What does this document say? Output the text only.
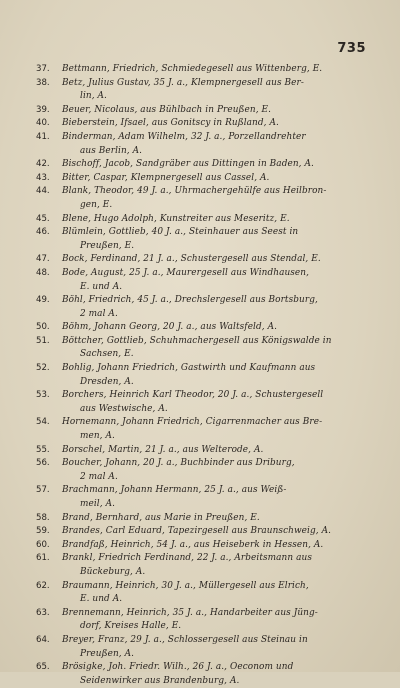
735
37.	Bettmann, Friedrich, Schmiedegesell aus Wittenberg, E.
38.	Betz, Julius Gustav, 35 J. a., Klempnergesell aus Ber-
lin, A.
39.	Beuer, Nicolaus, aus Bühlbach in Preußen, E.
40.	Bieberstein, Ifsael, aus Gonitscy in Rußland, A.
41.	Binderman, Adam Wilhelm, 32 J. a., Porzellandrehter
aus Berlin, A.
42.	Bischoff, Jacob, Sandgräber aus Dittingen in Baden, A.
43.	Bitter, Caspar, Klempnergesell aus Cassel, A.
44.	Blank, Theodor, 49 J. a., Uhrmachergehülfe aus Heilbron-
gen, E.
45.	Blene, Hugo Adolph, Kunstreiter aus Meseritz, E.
46.	Blümlein, Gottlieb, 40 J. a., Steinhauer aus Seest in
Preußen, E.
47.	Bock, Ferdinand, 21 J. a., Schustergesell aus Stendal, E.
48.	Bode, August, 25 J. a., Maurergesell aus Windhausen,
E. und A.
49.	Böhl, Friedrich, 45 J. a., Drechslergesell aus Bortsburg,
2 mal A.
50.	Böhm, Johann Georg, 20 J. a., aus Waltsfeld, A.
51.	Böttcher, Gottlieb, Schuhmachergesell aus Königswalde in
Sachsen, E.
52.	Bohlig, Johann Friedrich, Gastwirth und Kaufmann aus
Dresden, A.
53.	Borchers, Heinrich Karl Theodor, 20 J. a., Schustergesell
aus Westwische, A.
54.	Hornemann, Johann Friedrich, Cigarrenmacher aus Bre-
men, A.
55.	Borschel, Martin, 21 J. a., aus Welterode, A.
56.	Boucher, Johann, 20 J. a., Buchbinder aus Driburg,
2 mal A.
57.	Brachmann, Johann Hermann, 25 J. a., aus Weiß-
meil, A.
58.	Brand, Bernhard, aus Marie in Preußen, E.
59.	Brandes, Carl Eduard, Tapezirgesell aus Braunschweig, A.
60.	Brandfaß, Heinrich, 54 J. a., aus Heiseberk in Hessen, A.
61.	Brankl, Friedrich Ferdinand, 22 J. a., Arbeitsmann aus
Bückeburg, A.
62.	Braumann, Heinrich, 30 J. a., Müllergesell aus Elrich,
E. und A.
63.	Brennemann, Heinrich, 35 J. a., Handarbeiter aus Jüng-
dorf, Kreises Halle, E.
64.	Breyer, Franz, 29 J. a., Schlossergesell aus Steinau in
Preußen, A.
65.	Brösigke, Joh. Friedr. Wilh., 26 J. a., Oeconom und
Seidenwirker aus Brandenburg, A.
